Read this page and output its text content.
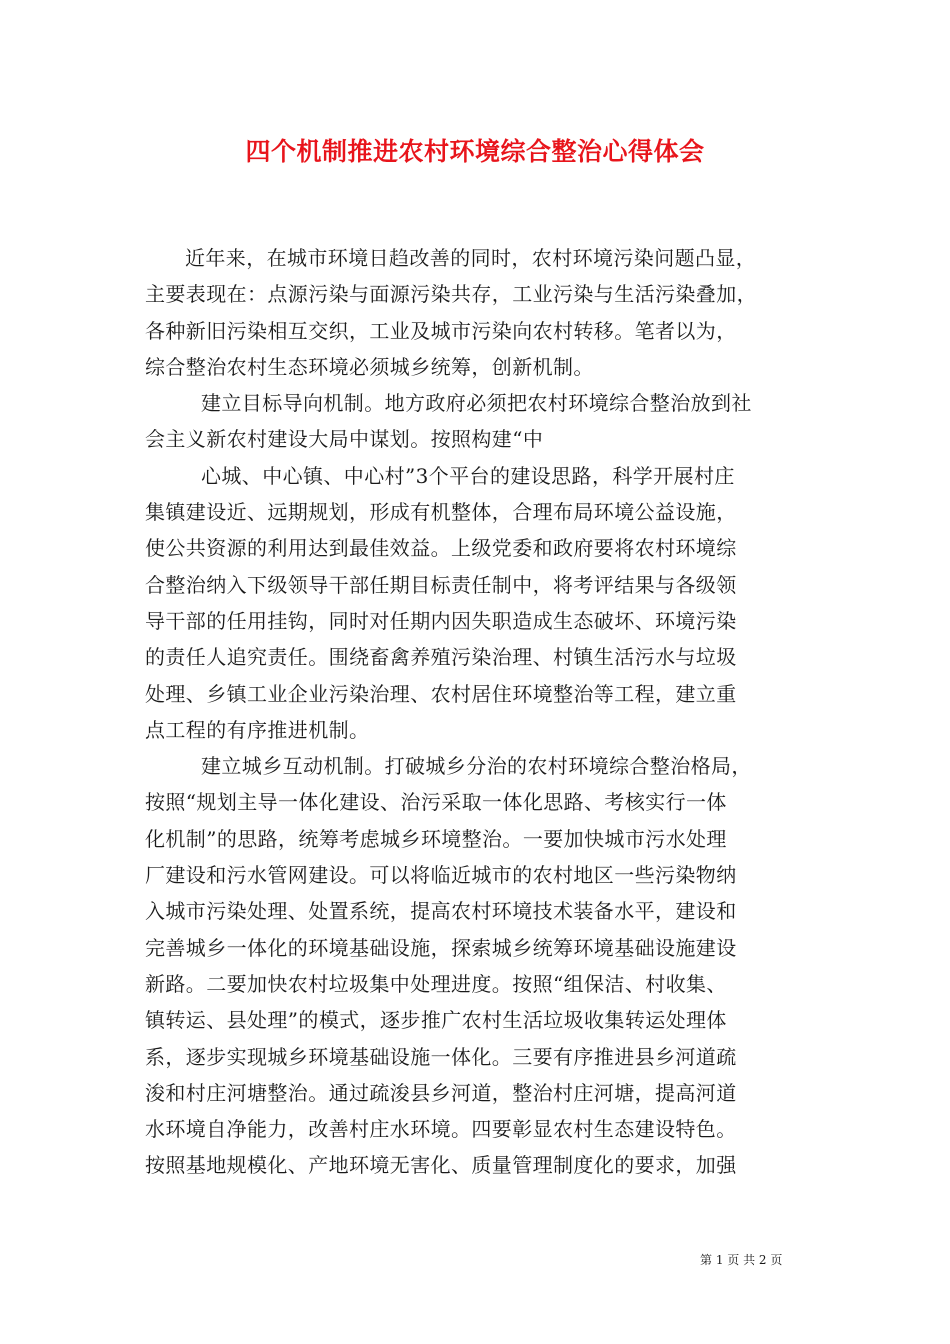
四个机制推进农村环境综合整治心得体会
近年来，在城市环境日趋改善的同时，农村环境污染问题凸显，
主要表现在：点源污染与面源污染共存，工业污染与生活污染叠加，
各种新旧污染相互交织，工业及城市污染向农村转移。笔者以为，
综合整治农村生态环境必须城乡统筹，创新机制。
建立目标导向机制。地方政府必须把农村环境综合整治放到社
会主义新农村建设大局中谋划。按照构建“中
心城、中心镇、中心村”3个平台的建设思路，科学开展村庄
集镇建设近、远期规划，形成有机整体，合理布局环境公益设施，
使公共资源的利用达到最佳效益。上级党委和政府要将农村环境综
合整治纳入下级领导干部任期目标责任制中，将考评结果与各级领
导干部的任用挂钩，同时对任期内因失职造成生态破坏、环境污染
的责任人追究责任。围绕畜禽养殖污染治理、村镇生活污水与垃圾
处理、乡镇工业企业污染治理、农村居住环境整治等工程，建立重
点工程的有序推进机制。
建立城乡互动机制。打破城乡分治的农村环境综合整治格局，
按照“规划主导一体化建设、治污采取一体化思路、考核实行一体
化机制”的思路，统筹考虑城乡环境整治。一要加快城市污水处理
厂建设和污水管网建设。可以将临近城市的农村地区一些污染物纳
入城市污染处理、处置系统，提高农村环境技术装备水平，建设和
完善城乡一体化的环境基础设施，探索城乡统筹环境基础设施建设
新路。二要加快农村垃圾集中处理进度。按照“组保洁、村收集、
镇转运、县处理”的模式，逐步推广农村生活垃圾收集转运处理体
系，逐步实现城乡环境基础设施一体化。三要有序推进县乡河道疏
浚和村庄河塘整治。通过疏浚县乡河道，整治村庄河塘，提高河道
水环境自净能力，改善村庄水环境。四要彰显农村生态建设特色。
按照基地规模化、产地环境无害化、质量管理制度化的要求，加强
第 1 页 共 2 页
